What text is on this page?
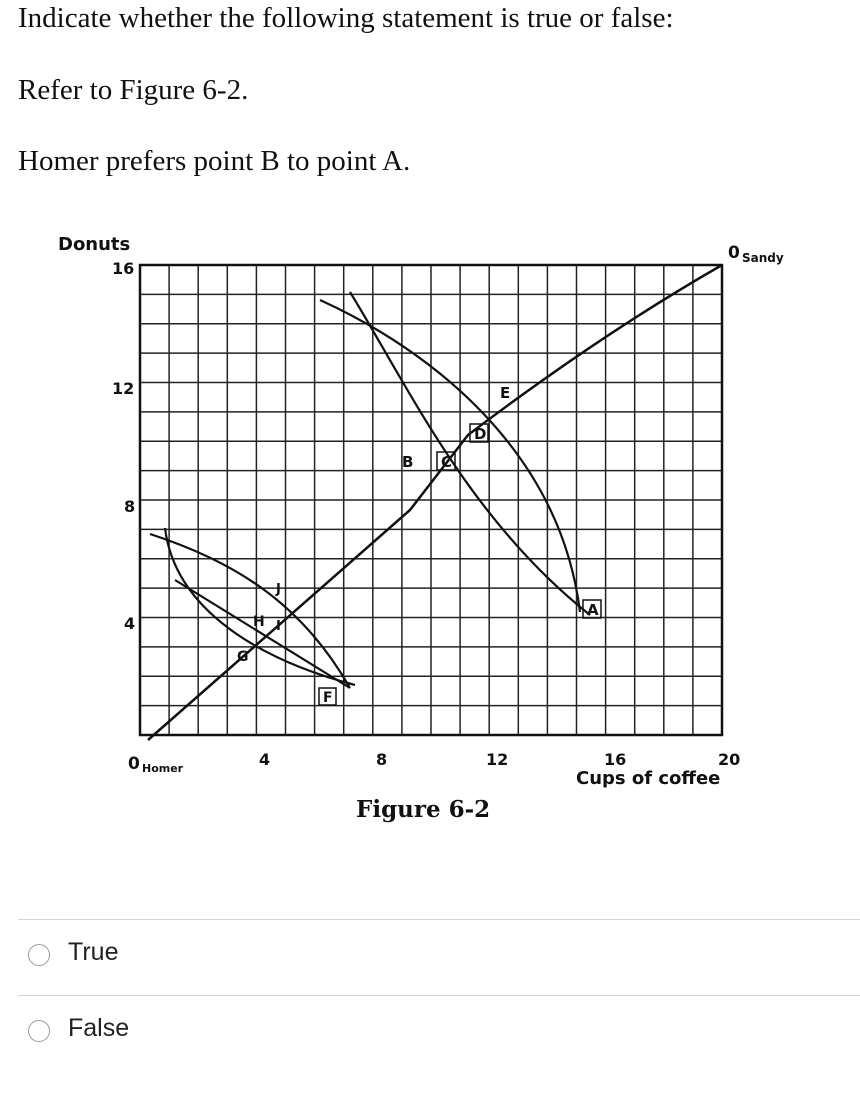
Indicate whether the following statement is true or false:
Refer to Figure 6-2.
Homer prefers point B to point A.
B C
D
E
A
F
G
H I
J
Donuts
16
12
8
4
0 Homer
0 Sandy
4	8	12	16	20
Cups of coffee
Figure 6-2
True
False
